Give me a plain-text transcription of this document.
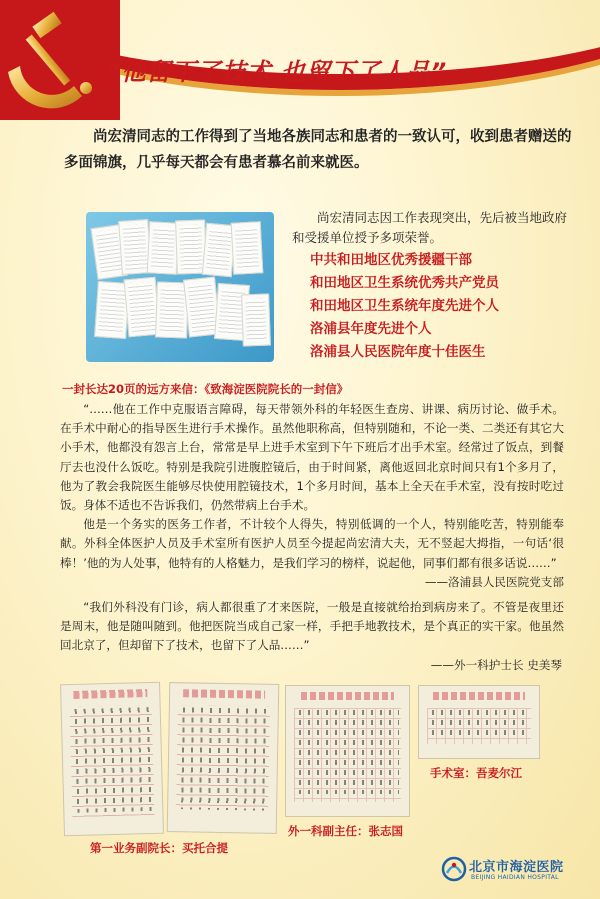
“他留下了技术 也留下了人品”

尚宏清同志的工作得到了当地各族同志和患者的一致认可，收到患者赠送的多面锦旗，几乎每天都会有患者慕名前来就医。

尚宏清同志因工作表现突出，先后被当地政府和受援单位授予多项荣誉。

中共和田地区优秀援疆干部
和田地区卫生系统优秀共产党员
和田地区卫生系统年度先进个人
洛浦县年度先进个人
洛浦县人民医院年度十佳医生
一封长达20页的远方来信：《致海淀医院院长的一封信》

“……他在工作中克服语言障碍，每天带领外科的年轻医生查房、讲课、病历讨论、做手术。在手术中耐心的指导医生进行手术操作。虽然他职称高，但特别随和，不论一类、二类还有其它大小手术，他都没有怨言上台，常常是早上进手术室到下午下班后才出手术室。经常过了饭点，到餐厅去也没什么饭吃。特别是我院引进腹腔镜后，由于时间紧，离他返回北京时间只有1个多月了，他为了教会我院医生能够尽快使用腔镜技术，1个多月时间，基本上全天在手术室，没有按时吃过饭。身体不适也不告诉我们，仍然带病上台手术。

他是一个务实的医务工作者，不计较个人得失，特别低调的一个人，特别能吃苦，特别能奉献。外科全体医护人员及手术室所有医护人员至今提起尚宏清大夫，无不竖起大拇指，一句话‘很棒！’他的为人处事，他特有的人格魅力，是我们学习的榜样，说起他，同事们都有很多话说……”

——洛浦县人民医院党支部

“我们外科没有门诊，病人都很重了才来医院，一般是直接就给抬到病房来了。不管是夜里还是周末，他是随叫随到。他把医院当成自己家一样，手把手地教技术，是个真正的实干家。他虽然回北京了，但却留下了技术，也留下了人品……”

——外一科护士长 史美琴
第一业务副院长：买托合提
外一科副主任：张志国
手术室：吾麦尔江
北京市海淀医院
BEIJING HAIDIAN HOSPITAL
